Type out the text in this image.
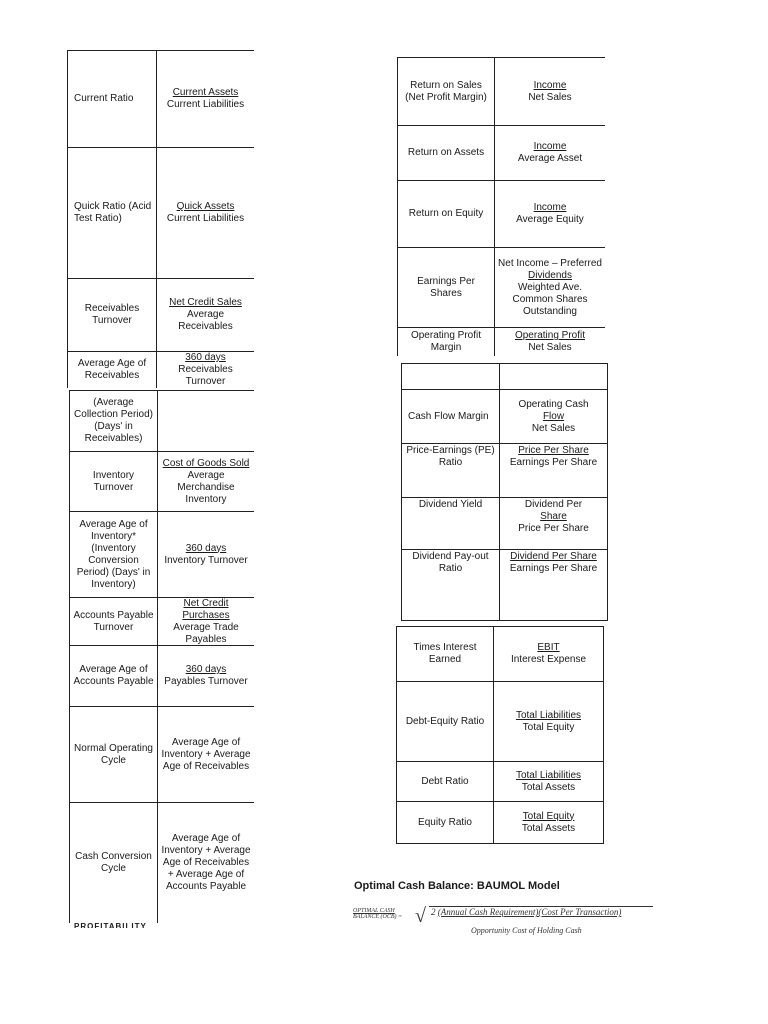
Current Ratio
Current Assets
Current Liabilities
Quick Ratio (Acid Test Ratio)
Quick Assets
Current Liabilities
Receivables Turnover
Net Credit Sales
Average Receivables
Average Age of Receivables
360 days
Receivables Turnover
(Average Collection Period) (Days' in Receivables)
Inventory Turnover
Cost of Goods Sold
Average Merchandise Inventory
Average Age of Inventory* (Inventory Conversion Period) (Days' in Inventory)
360 days
Inventory Turnover
Accounts Payable Turnover
Net Credit Purchases
Average Trade Payables
Average Age of Accounts Payable
360 days
Payables Turnover
Normal Operating Cycle
Average Age of Inventory + Average Age of Receivables
Cash Conversion Cycle
Average Age of Inventory + Average Age of Receivables + Average Age of Accounts Payable
PROFITABILITY
Return on Sales (Net Profit Margin)
Income
Net Sales
Return on Assets
Income
Average Asset
Return on Equity
Income
Average Equity
Earnings Per Shares
Net Income – Preferred
Dividends
Weighted Ave. Common Shares Outstanding
Operating Profit Margin
Operating Profit
Net Sales
Cash Flow Margin
Operating Cash
Flow
Net Sales
Price-Earnings (PE) Ratio
Price Per Share
Earnings Per Share
Dividend Yield	Dividend Per
Share
Price Per Share
Dividend Pay-out Ratio
Dividend Per Share
Earnings Per Share
Times Interest Earned
EBIT
Interest Expense
Debt-Equity Ratio
Total Liabilities
Total Equity
Debt Ratio
Total Liabilities
Total Assets
Equity Ratio
Total Equity
Total Assets
Optimal Cash Balance: BAUMOL Model
OPTIMAL CASH
BALANCE (OCB) = √ 2 (Annual Cash Requirement)(Cost Per Transaction)
Opportunity Cost of Holding Cash
